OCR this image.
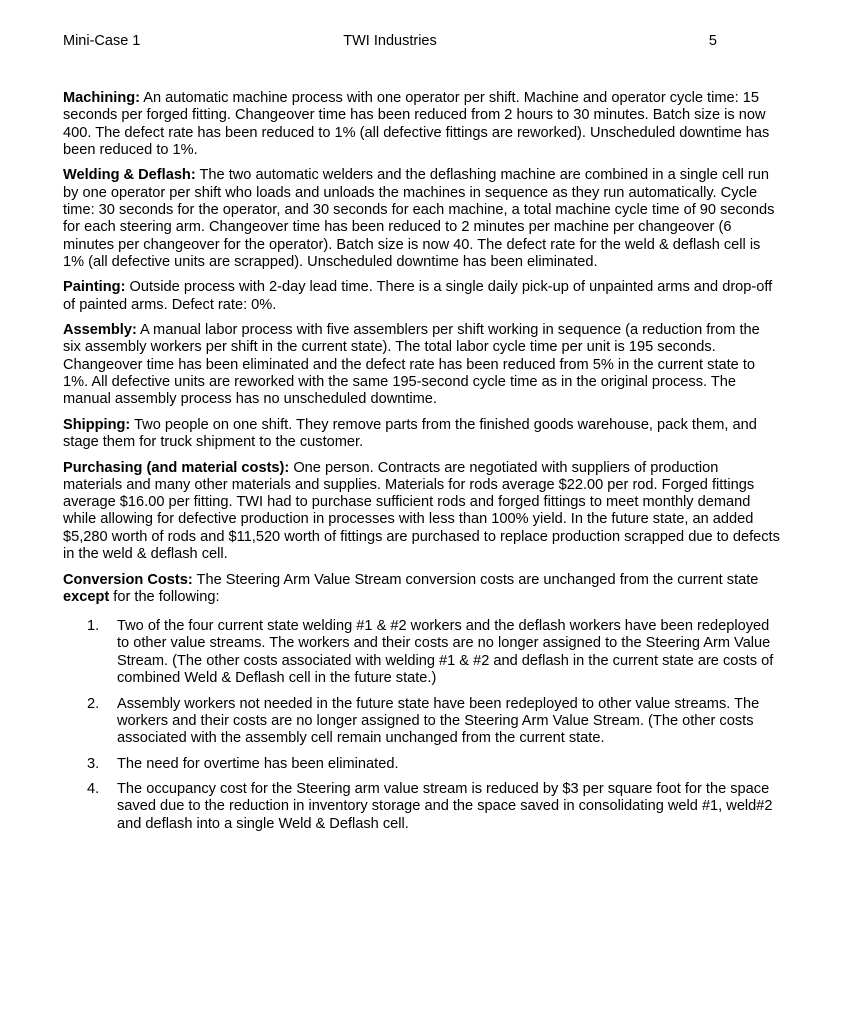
Mini-Case 1	TWI Industries	5

Machining: An automatic machine process with one operator per shift. Machine and operator cycle time: 15 seconds per forged fitting. Changeover time has been reduced from 2 hours to 30 minutes. Batch size is now 400. The defect rate has been reduced to 1% (all defective fittings are reworked). Unscheduled downtime has been reduced to 1%.

Welding & Deflash: The two automatic welders and the deflashing machine are combined in a single cell run by one operator per shift who loads and unloads the machines in sequence as they run automatically. Cycle time: 30 seconds for the operator, and 30 seconds for each machine, a total machine cycle time of 90 seconds for each steering arm. Changeover time has been reduced to 2 minutes per machine per changeover (6 minutes per changeover for the operator). Batch size is now 40. The defect rate for the weld & deflash cell is 1% (all defective units are scrapped). Unscheduled downtime has been eliminated.

Painting: Outside process with 2-day lead time. There is a single daily pick-up of unpainted arms and drop-off of painted arms. Defect rate: 0%.

Assembly: A manual labor process with five assemblers per shift working in sequence (a reduction from the six assembly workers per shift in the current state). The total labor cycle time per unit is 195 seconds. Changeover time has been eliminated and the defect rate has been reduced from 5% in the current state to 1%. All defective units are reworked with the same 195-second cycle time as in the original process. The manual assembly process has no unscheduled downtime.

Shipping: Two people on one shift. They remove parts from the finished goods warehouse, pack them, and stage them for truck shipment to the customer.

Purchasing (and material costs): One person. Contracts are negotiated with suppliers of production materials and many other materials and supplies. Materials for rods average $22.00 per rod. Forged fittings average $16.00 per fitting. TWI had to purchase sufficient rods and forged fittings to meet monthly demand while allowing for defective production in processes with less than 100% yield. In the future state, an added $5,280 worth of rods and $11,520 worth of fittings are purchased to replace production scrapped due to defects in the weld & deflash cell.

Conversion Costs: The Steering Arm Value Stream conversion costs are unchanged from the current state except for the following:

1. Two of the four current state welding #1 & #2 workers and the deflash workers have been redeployed to other value streams. The workers and their costs are no longer assigned to the Steering Arm Value Stream. (The other costs associated with welding #1 & #2 and deflash in the current state are costs of combined Weld & Deflash cell in the future state.)
2. Assembly workers not needed in the future state have been redeployed to other value streams. The workers and their costs are no longer assigned to the Steering Arm Value Stream. (The other costs associated with the assembly cell remain unchanged from the current state.
3. The need for overtime has been eliminated.
4. The occupancy cost for the Steering arm value stream is reduced by $3 per square foot for the space saved due to the reduction in inventory storage and the space saved in consolidating weld #1, weld#2 and deflash into a single Weld & Deflash cell.
